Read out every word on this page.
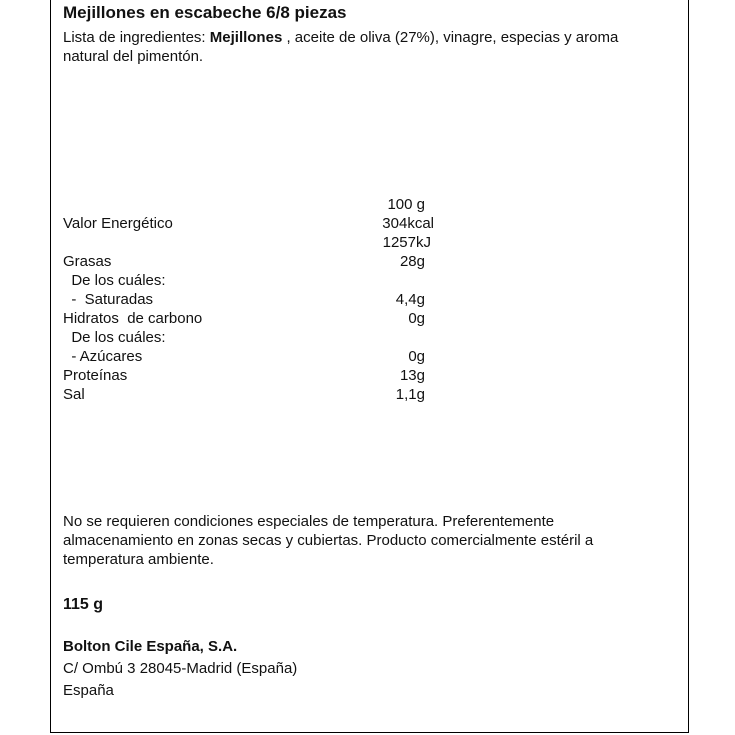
Mejillones en escabeche 6/8 piezas
Lista de ingredientes: Mejillones , aceite de oliva (27%), vinagre, especias y aroma natural del pimentón.
100 g
Valor Energético	304kcal
1257kJ
Grasas	28g
De los cuáles:
-  Saturadas	4,4g
Hidratos  de carbono	0g
De los cuáles:
- Azúcares	0g
Proteínas	13g
Sal	1,1g
No se requieren condiciones especiales de temperatura. Preferentemente almacenamiento en zonas secas y cubiertas. Producto comercialmente estéril a temperatura ambiente.
115 g
Bolton Cile España, S.A.
C/ Ombú 3 28045-Madrid (España)
España
